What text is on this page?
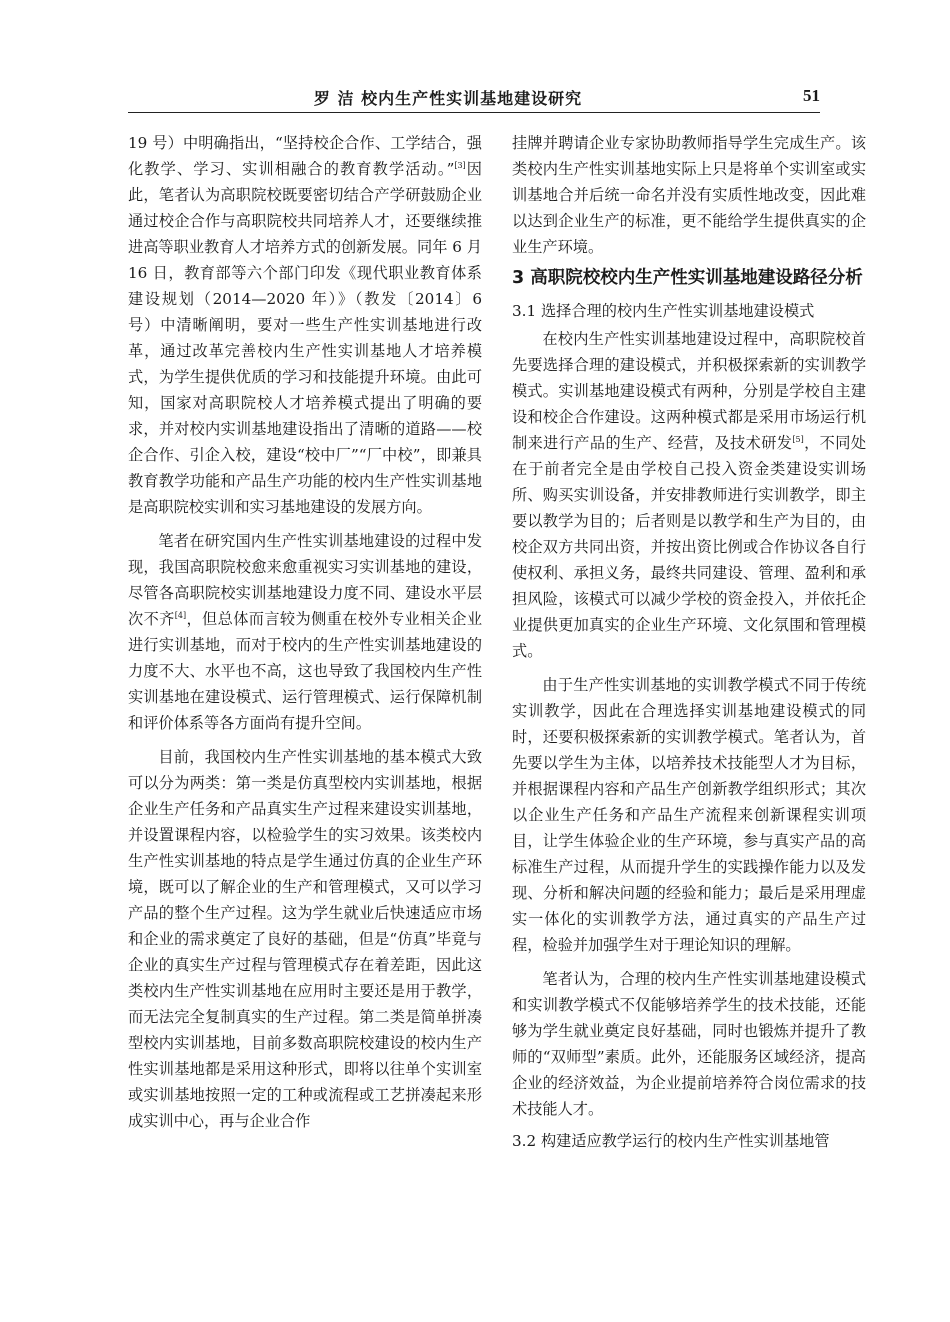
罗 洁 校内生产性实训基地建设研究	51

19 号）中明确指出，“坚持校企合作、工学结合，强化教学、学习、实训相融合的教育教学活动。”[3]因此，笔者认为高职院校既要密切结合产学研鼓励企业通过校企合作与高职院校共同培养人才，还要继续推进高等职业教育人才培养方式的创新发展。同年 6 月 16 日，教育部等六个部门印发《现代职业教育体系建设规划（2014—2020 年）》（教发〔2014〕6 号）中清晰阐明，要对一些生产性实训基地进行改革，通过改革完善校内生产性实训基地人才培养模式，为学生提供优质的学习和技能提升环境。由此可知，国家对高职院校人才培养模式提出了明确的要求，并对校内实训基地建设指出了清晰的道路——校企合作、引企入校，建设“校中厂”“厂中校”，即兼具教育教学功能和产品生产功能的校内生产性实训基地是高职院校实训和实习基地建设的发展方向。

笔者在研究国内生产性实训基地建设的过程中发现，我国高职院校愈来愈重视实习实训基地的建设，尽管各高职院校实训基地建设力度不同、建设水平层次不齐[4]，但总体而言较为侧重在校外专业相关企业进行实训基地，而对于校内的生产性实训基地建设的力度不大、水平也不高，这也导致了我国校内生产性实训基地在建设模式、运行管理模式、运行保障机制和评价体系等各方面尚有提升空间。

目前，我国校内生产性实训基地的基本模式大致可以分为两类：第一类是仿真型校内实训基地，根据企业生产任务和产品真实生产过程来建设实训基地，并设置课程内容，以检验学生的实习效果。该类校内生产性实训基地的特点是学生通过仿真的企业生产环境，既可以了解企业的生产和管理模式，又可以学习产品的整个生产过程。这为学生就业后快速适应市场和企业的需求奠定了良好的基础，但是“仿真”毕竟与企业的真实生产过程与管理模式存在着差距，因此这类校内生产性实训基地在应用时主要还是用于教学，而无法完全复制真实的生产过程。第二类是简单拼凑型校内实训基地，目前多数高职院校建设的校内生产性实训基地都是采用这种形式，即将以往单个实训室或实训基地按照一定的工种或流程或工艺拼凑起来形成实训中心，再与企业合作

挂牌并聘请企业专家协助教师指导学生完成生产。该类校内生产性实训基地实际上只是将单个实训室或实训基地合并后统一命名并没有实质性地改变，因此难以达到企业生产的标准，更不能给学生提供真实的企业生产环境。

3 高职院校校内生产性实训基地建设路径分析
3.1 选择合理的校内生产性实训基地建设模式

在校内生产性实训基地建设过程中，高职院校首先要选择合理的建设模式，并积极探索新的实训教学模式。实训基地建设模式有两种，分别是学校自主建设和校企合作建设。这两种模式都是采用市场运行机制来进行产品的生产、经营，及技术研发[5]，不同处在于前者完全是由学校自己投入资金类建设实训场所、购买实训设备，并安排教师进行实训教学，即主要以教学为目的；后者则是以教学和生产为目的，由校企双方共同出资，并按出资比例或合作协议各自行使权利、承担义务，最终共同建设、管理、盈利和承担风险，该模式可以减少学校的资金投入，并依托企业提供更加真实的企业生产环境、文化氛围和管理模式。

由于生产性实训基地的实训教学模式不同于传统实训教学，因此在合理选择实训基地建设模式的同时，还要积极探索新的实训教学模式。笔者认为，首先要以学生为主体，以培养技术技能型人才为目标，并根据课程内容和产品生产创新教学组织形式；其次以企业生产任务和产品生产流程来创新课程实训项目，让学生体验企业的生产环境，参与真实产品的高标准生产过程，从而提升学生的实践操作能力以及发现、分析和解决问题的经验和能力；最后是采用理虚实一体化的实训教学方法，通过真实的产品生产过程，检验并加强学生对于理论知识的理解。

笔者认为，合理的校内生产性实训基地建设模式和实训教学模式不仅能够培养学生的技术技能，还能够为学生就业奠定良好基础，同时也锻炼并提升了教师的“双师型”素质。此外，还能服务区域经济，提高企业的经济效益，为企业提前培养符合岗位需求的技术技能人才。

3.2 构建适应教学运行的校内生产性实训基地管
